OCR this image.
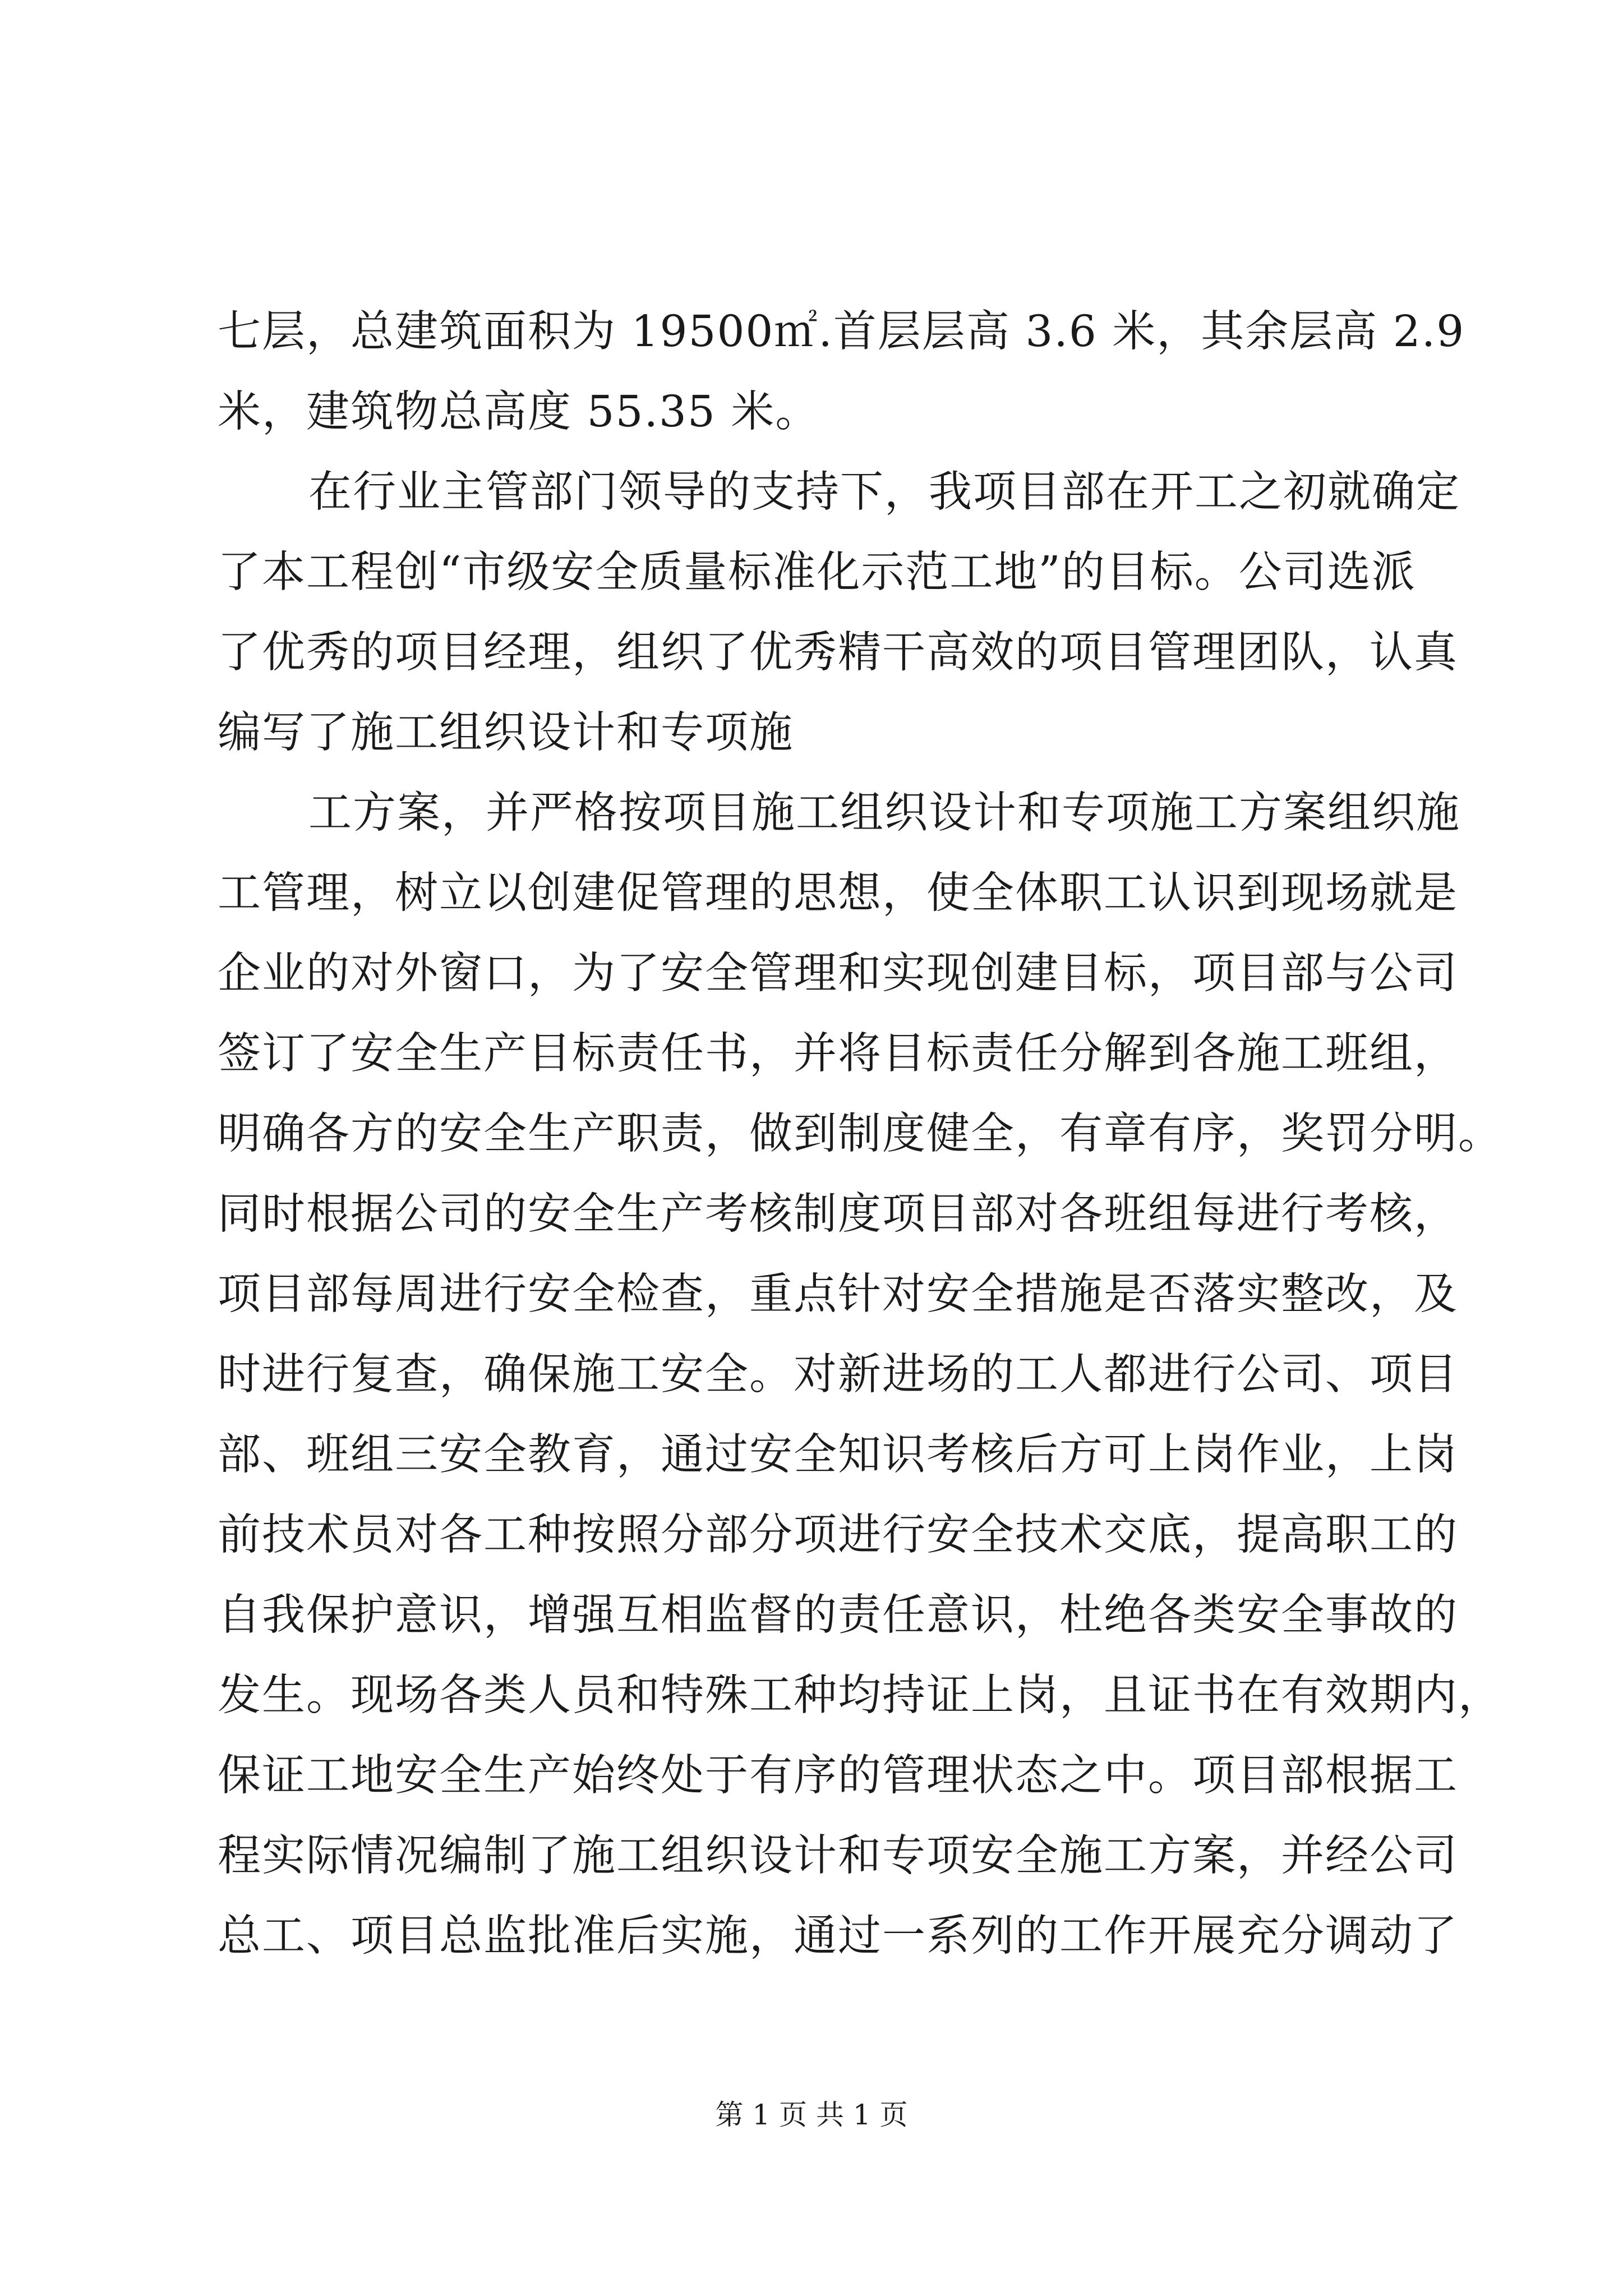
七层，总建筑面积为 19500㎡.首层层高 3.6 米，其余层高 2.9
米，建筑物总高度 55.35 米。
在行业主管部门领导的支持下，我项目部在开工之初就确定
了本工程创“市级安全质量标准化示范工地”的目标。公司选派
了优秀的项目经理，组织了优秀精干高效的项目管理团队，认真
编写了施工组织设计和专项施
工方案，并严格按项目施工组织设计和专项施工方案组织施
工管理，树立以创建促管理的思想，使全体职工认识到现场就是
企业的对外窗口，为了安全管理和实现创建目标，项目部与公司
签订了安全生产目标责任书，并将目标责任分解到各施工班组，
明确各方的安全生产职责，做到制度健全，有章有序，奖罚分明。
同时根据公司的安全生产考核制度项目部对各班组每进行考核，
项目部每周进行安全检查，重点针对安全措施是否落实整改，及
时进行复查，确保施工安全。对新进场的工人都进行公司、项目
部、班组三安全教育，通过安全知识考核后方可上岗作业，上岗
前技术员对各工种按照分部分项进行安全技术交底，提高职工的
自我保护意识，增强互相监督的责任意识，杜绝各类安全事故的
发生。现场各类人员和特殊工种均持证上岗，且证书在有效期内，
保证工地安全生产始终处于有序的管理状态之中。项目部根据工
程实际情况编制了施工组织设计和专项安全施工方案，并经公司
总工、项目总监批准后实施，通过一系列的工作开展充分调动了
第 1 页 共 1 页
